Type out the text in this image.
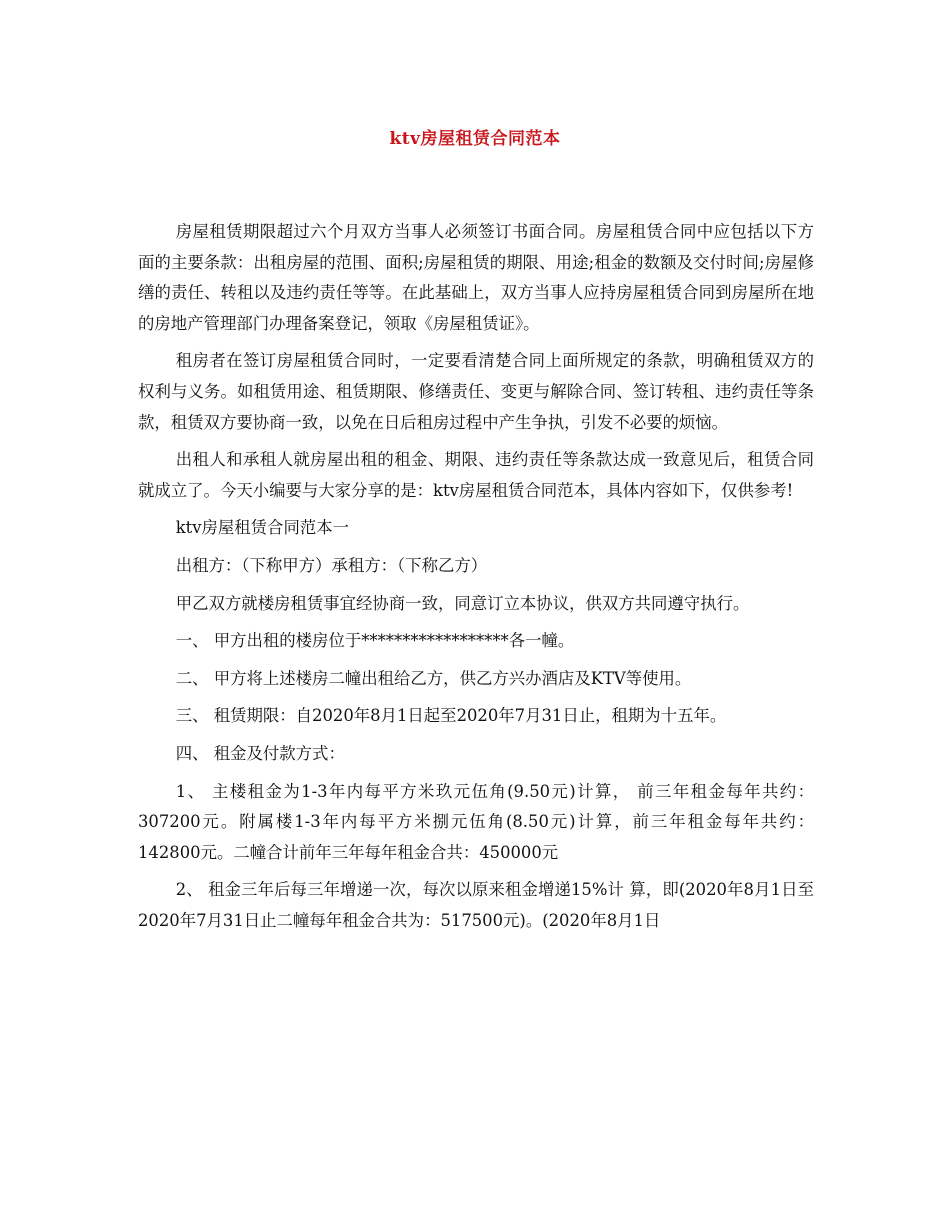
ktv房屋租赁合同范本

房屋租赁期限超过六个月双方当事人必须签订书面合同。房屋租赁合同中应包括以下方面的主要条款：出租房屋的范围、面积;房屋租赁的期限、用途;租金的数额及交付时间;房屋修缮的责任、转租以及违约责任等等。在此基础上，双方当事人应持房屋租赁合同到房屋所在地的房地产管理部门办理备案登记，领取《房屋租赁证》。

租房者在签订房屋租赁合同时，一定要看清楚合同上面所规定的条款，明确租赁双方的权利与义务。如租赁用途、租赁期限、修缮责任、变更与解除合同、签订转租、违约责任等条款，租赁双方要协商一致，以免在日后租房过程中产生争执，引发不必要的烦恼。

出租人和承租人就房屋出租的租金、期限、违约责任等条款达成一致意见后，租赁合同就成立了。今天小编要与大家分享的是：ktv房屋租赁合同范本，具体内容如下，仅供参考!

ktv房屋租赁合同范本一

出租方：（下称甲方）承租方：（下称乙方）

甲乙双方就楼房租赁事宜经协商一致，同意订立本协议，供双方共同遵守执行。

一、 甲方出租的楼房位于******************各一幢。

二、 甲方将上述楼房二幢出租给乙方，供乙方兴办酒店及KTV等使用。

三、 租赁期限：自2020年8月1日起至2020年7月31日止，租期为十五年。

四、 租金及付款方式：

1、 主楼租金为1-3年内每平方米玖元伍角(9.50元)计算， 前三年租金每年共约：307200元。附属楼1-3年内每平方米捌元伍角(8.50元)计算，前三年租金每年共约：142800元。二幢合计前年三年每年租金合共：450000元

2、 租金三年后每三年增递一次，每次以原来租金增递15%计 算，即(2020年8月1日至2020年7月31日止二幢每年租金合共为：517500元)。(2020年8月1日
